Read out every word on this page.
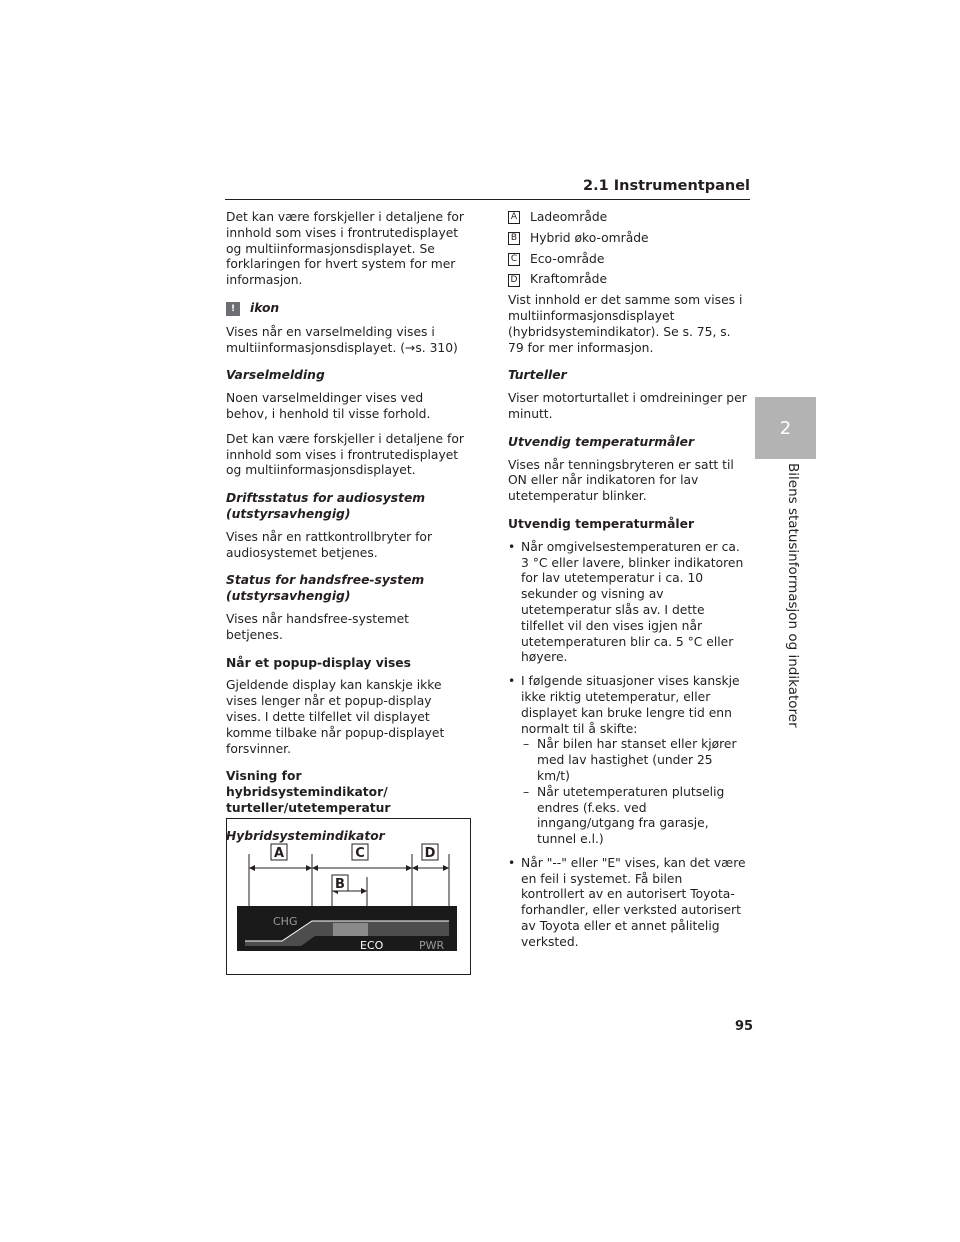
2.1 Instrumentpanel
2
Bilens statusinformasjon og indikatorer

Det kan være forskjeller i detaljene for innhold som vises i frontrutedisplayet og multiinformasjonsdisplayet. Se forklaringen for hvert system for mer informasjon.

!
ikon

Vises når en varselmelding vises i multiinformasjonsdisplayet. (→s. 310)

Varselmelding

Noen varselmeldinger vises ved behov, i henhold til visse forhold.

Det kan være forskjeller i detaljene for innhold som vises i frontrutedisplayet og multiinformasjonsdisplayet.

Driftsstatus for audiosystem (utstyrsavhengig)

Vises når en rattkontrollbryter for audiosystemet betjenes.

Status for handsfree-system (utstyrsavhengig)

Vises når handsfree-systemet betjenes.

Når et popup-display vises

Gjeldende display kan kanskje ikke vises lenger når et popup-display vises. I dette tilfellet vil displayet komme tilbake når popup-displayet forsvinner.

Visning for hybridsystemindikator/ turteller/utetemperatur
Hybridsystemindikator
A	C	D
B
CHG
ECO	PWR
A Ladeområde
B Hybrid øko-område
C Eco-område
D Kraftområde

Vist innhold er det samme som vises i multiinformasjonsdisplayet (hybridsystemindikator). Se s. 75, s. 79 for mer informasjon.

Turteller

Viser motorturtallet i omdreininger per minutt.

Utvendig temperaturmåler

Vises når tenningsbryteren er satt til ON eller når indikatoren for lav utetemperatur blinker.

Utvendig temperaturmåler
• Når omgivelsestemperaturen er ca. 3 °C eller lavere, blinker indikatoren for lav utetemperatur i ca. 10 sekunder og visning av utetemperatur slås av. I dette tilfellet vil den vises igjen når utetemperaturen blir ca. 5 °C eller høyere.
• I følgende situasjoner vises kanskje ikke riktig utetemperatur, eller displayet kan bruke lengre tid enn normalt til å skifte:
– Når bilen har stanset eller kjører med lav hastighet (under 25 km/t)
– Når utetemperaturen plutselig endres (f.eks. ved inngang/utgang fra garasje, tunnel e.l.)
• Når "--" eller "E" vises, kan det være en feil i systemet. Få bilen kontrollert av en autorisert Toyota-forhandler, eller verksted autorisert av Toyota eller et annet pålitelig verksted.
95
